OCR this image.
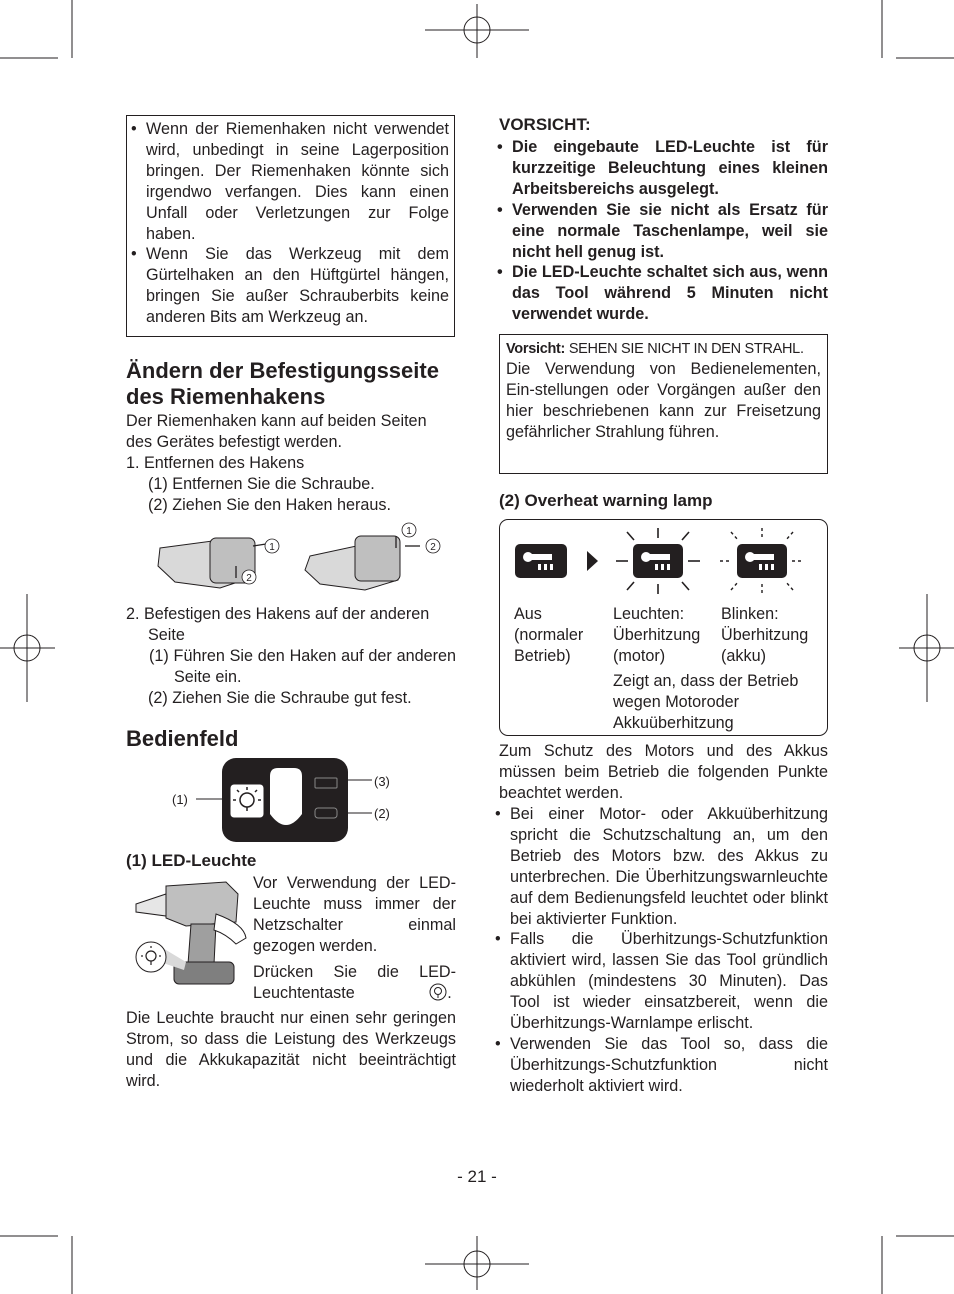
• Wenn der Riemenhaken nicht verwendet wird, unbedingt in seine Lagerposition bringen. Der Riemenhaken könnte sich irgendwo verfangen. Dies kann einen Unfall oder Verletzungen zur Folge haben.
• Wenn Sie das Werkzeug mit dem Gürtelhaken an den Hüftgürtel hängen, bringen Sie außer Schrauberbits keine anderen Bits am Werkzeug an.
Ändern der Befestigungsseite des Riemenhakens

Der Riemenhaken kann auf beiden Seiten des Gerätes befestigt werden.

1. Entfernen des Hakens

(1) Entfernen Sie die Schraube.

(2) Ziehen Sie den Haken heraus.

1
2
1
2

2. Befestigen des Hakens auf der anderen Seite

(1) Führen Sie den Haken auf der anderen Seite ein.

(2) Ziehen Sie die Schraube gut fest.

Bedienfeld
(1)
(3)
(2)
(1) LED-Leuchte
Vor Verwendung der LED-Leuchte muss immer der Netzschalter einmal gezogen werden.
Drücken Sie die LED-Leuchtentaste	.
Die Leuchte braucht nur einen sehr geringen Strom, so dass die Leistung des Werkzeugs und die Akkukapazität nicht beeinträchtigt wird.
VORSICHT:
• Die eingebaute LED-Leuchte ist für kurzzeitige Beleuchtung eines kleinen Arbeitsbereichs ausgelegt.
• Verwenden Sie sie nicht als Ersatz für eine normale Taschenlampe, weil sie nicht hell genug ist.
• Die LED-Leuchte schaltet sich aus, wenn das Tool während 5 Minuten nicht verwendet wurde.
Vorsicht: SEHEN SIE NICHT IN DEN STRAHL.

Die Verwendung von Bedienelementen, Ein-stellungen oder Vorgängen außer den hier beschriebenen kann zur Freisetzung gefährlicher Strahlung führen.

(2) Overheat warning lamp
Aus
(normaler
Betrieb)
Leuchten:
Überhitzung
(motor)
Blinken:
Überhitzung
(akku)
Zeigt an, dass der Betrieb wegen Motoroder Akkuüberhitzung

Zum Schutz des Motors und des Akkus müssen beim Betrieb die folgenden Punkte beachtet werden.

• Bei einer Motor- oder Akkuüberhitzung spricht die Schutzschaltung an, um den Betrieb des Motors bzw. des Akkus zu unterbrechen. Die Überhitzungswarnleuchte auf dem Bedienungsfeld leuchtet oder blinkt bei aktivierter Funktion.
• Falls die Überhitzungs-Schutzfunktion aktiviert wird, lassen Sie das Tool gründlich abkühlen (mindestens 30 Minuten). Das Tool ist wieder einsatzbereit, wenn die Überhitzungs-Warnlampe erlischt.
• Verwenden Sie das Tool so, dass die Überhitzungs-Schutzfunktion nicht wiederholt aktiviert wird.
- 21 -
